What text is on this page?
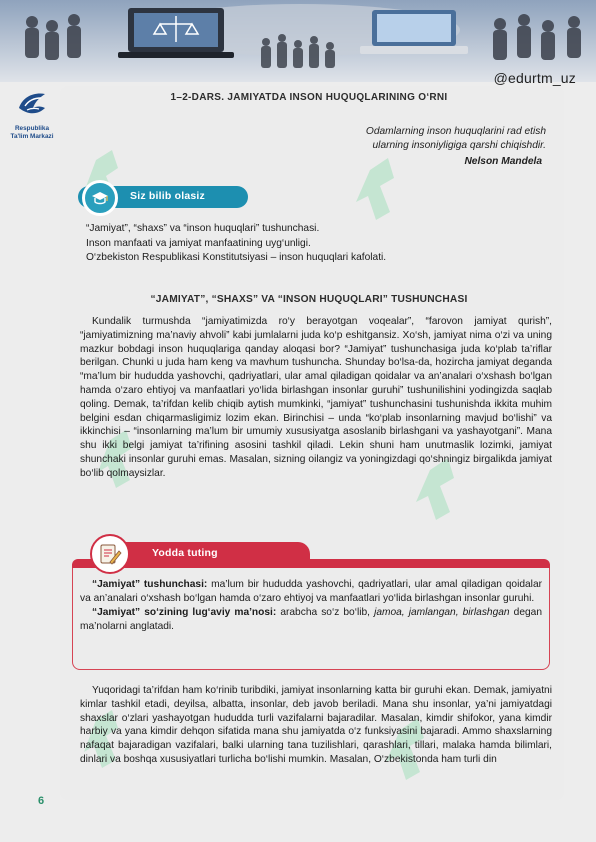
@edurtm_uz
Respublika
Ta'lim Markazi
1–2-DARS. JAMIYATDA INSON HUQUQLARINING O‘RNI
Odamlarning inson huquqlarini rad etish
ularning insoniyligiga qarshi chiqishdir.
Nelson Mandela
Siz bilib olasiz
“Jamiyat”, “shaxs” va “inson huquqlari” tushunchasi.
Inson manfaati va jamiyat manfaatining uyg‘unligi.
O‘zbekiston Respublikasi Konstitutsiyasi – inson huquqlari kafolati.
“JAMIYAT”, “SHAXS” VA “INSON HUQUQLARI” TUSHUNCHASI
Kundalik turmushda “jamiyatimizda ro‘y berayotgan voqealar”, “farovon jamiyat qurish”, “jamiyatimizning ma’naviy ahvoli” kabi jumlalarni juda ko‘p eshitgansiz. Xo‘sh, jamiyat nima o‘zi va uning mazkur bobdagi inson huquqlariga qanday aloqasi bor? “Jamiyat” tushunchasiga juda ko‘plab ta’riflar berilgan. Chunki u juda ham keng va mavhum tushuncha. Shunday bo‘lsa-da, hozircha jamiyat deganda “ma’lum bir hududda yashovchi, qadriyatlari, ular amal qiladigan qoidalar va an’analari o‘xshash bo‘lgan hamda o‘zaro ehtiyoj va manfaatlari yo‘lida birlashgan insonlar guruhi” tushunilishini yodingizda saqlab qoling. Demak, ta’rifdan kelib chiqib aytish mumkinki, “jamiyat” tushunchasini tushunishda ikkita muhim belgini esdan chiqarmasligimiz lozim ekan. Birinchisi – unda “ko‘plab insonlarning mavjud bo‘lishi” va ikkinchisi – “insonlarning ma’lum bir umumiy xususiyatga asoslanib birlashgani va yashayotgani”. Mana shu ikki belgi jamiyat ta’rifining asosini tashkil qiladi. Lekin shuni ham unutmaslik lozimki, jamiyat shunchaki insonlar guruhi emas. Masalan, sizning oilangiz va yoningizdagi qo‘shningiz birgalikda jamiyat bo‘lib qolmaysizlar.
Yodda tuting

“Jamiyat” tushunchasi: ma’lum bir hududda yashovchi, qadriyatlari, ular amal qiladigan qoidalar va an’analari o‘xshash bo‘lgan hamda o‘zaro ehtiyoj va manfaatlari yo‘lida birlashgan insonlar guruhi.

“Jamiyat” so‘zining lug‘aviy ma’nosi: arabcha so‘z bo‘lib, jamoa, jamlangan, birlashgan degan ma’nolarni anglatadi.

Yuqoridagi ta’rifdan ham ko‘rinib turibdiki, jamiyat insonlarning katta bir guruhi ekan. Demak, jamiyatni kimlar tashkil etadi, deyilsa, albatta, insonlar, deb javob beriladi. Mana shu insonlar, ya’ni jamiyatdagi shaxslar o‘zlari yashayotgan hududda turli vazifalarni bajaradilar. Masalan, kimdir shifokor, yana kimdir harbiy va yana kimdir dehqon sifatida mana shu jamiyatda o‘z funksiyasini bajaradi. Ammo shaxslarning nafaqat bajaradigan vazifalari, balki ularning tana tuzilishlari, qarashlari, tillari, malaka hamda bilimlari, dinlari va boshqa xususiyatlari turlicha bo‘lishi mumkin. Masalan, O‘zbekistonda ham turli din
6
